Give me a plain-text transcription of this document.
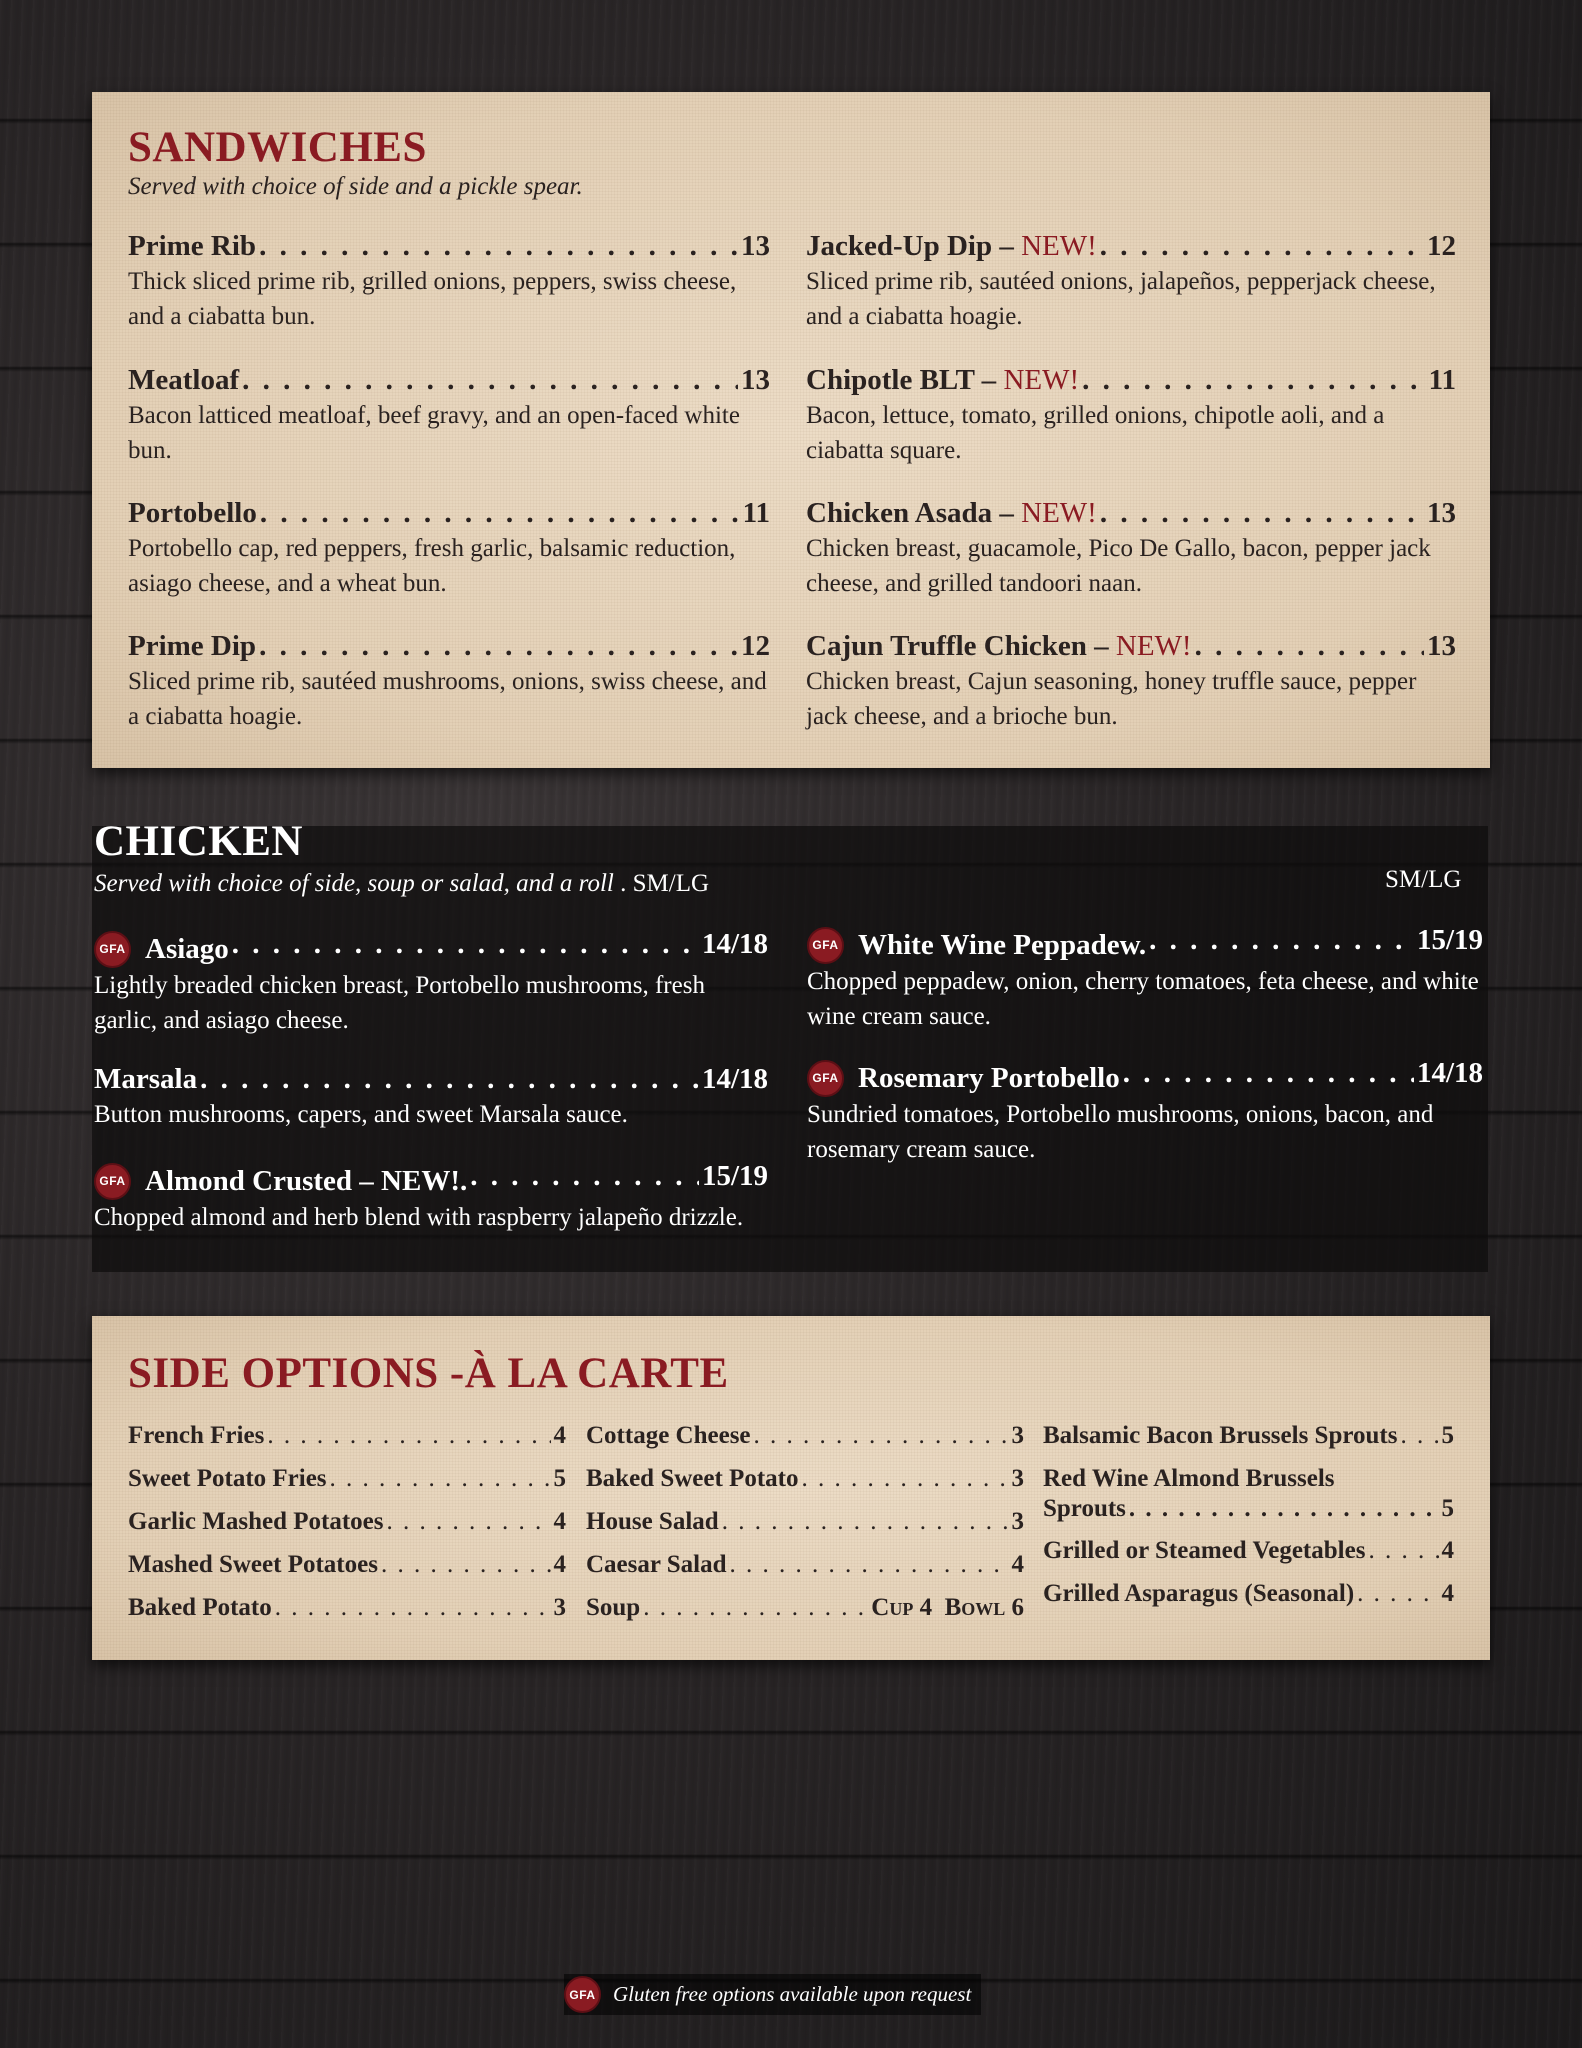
SANDWICHES
Served with choice of side and a pickle spear.
Prime Rib . . .	13
Thick sliced prime rib, grilled onions, peppers, swiss cheese, and a ciabatta bun.
Meatloaf . . .	13
Bacon latticed meatloaf, beef gravy, and an open-faced white bun.
Portobello . . .	11
Portobello cap, red peppers, fresh garlic, balsamic reduction, asiago cheese, and a wheat bun.
Prime Dip . . .	12
Sliced prime rib, sautéed mushrooms, onions, swiss cheese, and a ciabatta hoagie.
Jacked-Up Dip –
NEW! . . .	12
Sliced prime rib, sautéed onions, jalapeños, pepperjack cheese, and a ciabatta hoagie.
Chipotle BLT –
NEW! . . .	11
Bacon, lettuce, tomato, grilled onions, chipotle aoli, and a ciabatta square.
Chicken Asada –
NEW! . . .	13
Chicken breast, guacamole, Pico De Gallo, bacon, pepper jack cheese, and grilled tandoori naan.
Cajun Truffle Chicken –
NEW! . . .	13
Chicken breast, Cajun seasoning, honey truffle sauce, pepper jack cheese, and a brioche bun.
CHICKEN
Served with choice of side, soup or salad, and a roll . SM/LG	SM/LG
GFA Asiago . . .	14/18
Lightly breaded chicken breast, Portobello mushrooms, fresh garlic, and asiago cheese.
Marsala . . .	14/18
Button mushrooms, capers, and sweet Marsala sauce.
GFA Almond Crusted – NEW!. . . .	15/19
Chopped almond and herb blend with raspberry jalapeño drizzle.
GFA White Wine Peppadew. . . .	15/19
Chopped peppadew, onion, cherry tomatoes, feta cheese, and white wine cream sauce.
GFA Rosemary Portobello . . .	14/18
Sundried tomatoes, Portobello mushrooms, onions, bacon, and rosemary cream sauce.
SIDE OPTIONS -À LA CARTE
French Fries . . .	4
Sweet Potato Fries . . .	5
Garlic Mashed Potatoes . . .	4
Mashed Sweet Potatoes . . .	4
Baked Potato . . .	3
Cottage Cheese . . .	3
Baked Sweet Potato . . .	3
House Salad . . .	3
Caesar Salad . . .	4
Soup . . .	Cup 4  Bowl 6
Balsamic Bacon Brussels Sprouts . . . 5
Red Wine Almond Brussels
Sprouts . . .	5
Grilled or Steamed Vegetables . . .	4
Grilled Asparagus (Seasonal) . . .	4
GFA Gluten free options available upon request
